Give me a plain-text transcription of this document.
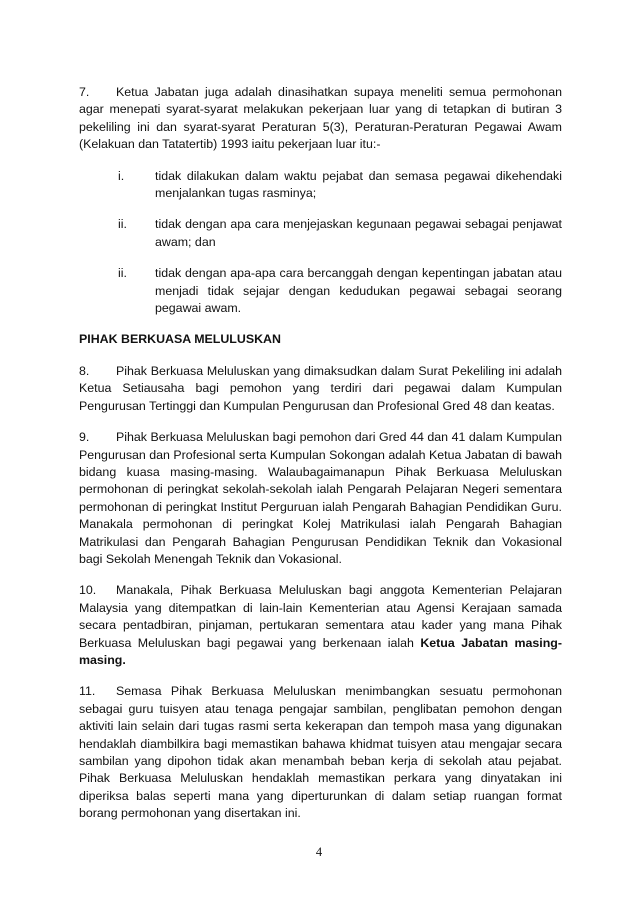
7. Ketua Jabatan juga adalah dinasihatkan supaya meneliti semua permohonan agar menepati syarat-syarat melakukan pekerjaan luar yang di tetapkan di butiran 3 pekeliling ini dan syarat-syarat Peraturan 5(3), Peraturan-Peraturan Pegawai Awam (Kelakuan dan Tatatertib) 1993 iaitu pekerjaan luar itu:-

i.	tidak dilakukan dalam waktu pejabat dan semasa pegawai dikehendaki menjalankan tugas rasminya;
ii.	tidak dengan apa cara menjejaskan kegunaan pegawai sebagai penjawat awam; dan
ii.	tidak dengan apa-apa cara bercanggah dengan kepentingan jabatan atau menjadi tidak sejajar dengan kedudukan pegawai sebagai seorang pegawai awam.

PIHAK BERKUASA MELULUSKAN

8. Pihak Berkuasa Meluluskan yang dimaksudkan dalam Surat Pekeliling ini adalah Ketua Setiausaha bagi pemohon yang terdiri dari pegawai dalam Kumpulan Pengurusan Tertinggi dan Kumpulan Pengurusan dan Profesional Gred 48 dan keatas.

9. Pihak Berkuasa Meluluskan bagi pemohon dari Gred 44 dan 41 dalam Kumpulan Pengurusan dan Profesional serta Kumpulan Sokongan adalah Ketua Jabatan di bawah bidang kuasa masing-masing. Walaubagaimanapun Pihak Berkuasa Meluluskan permohonan di peringkat sekolah-sekolah ialah Pengarah Pelajaran Negeri sementara permohonan di peringkat Institut Perguruan ialah Pengarah Bahagian Pendidikan Guru. Manakala permohonan di peringkat Kolej Matrikulasi ialah Pengarah Bahagian Matrikulasi dan Pengarah Bahagian Pengurusan Pendidikan Teknik dan Vokasional bagi Sekolah Menengah Teknik dan Vokasional.

10. Manakala, Pihak Berkuasa Meluluskan bagi anggota Kementerian Pelajaran Malaysia yang ditempatkan di lain-lain Kementerian atau Agensi Kerajaan samada secara pentadbiran, pinjaman, pertukaran sementara atau kader yang mana Pihak Berkuasa Meluluskan bagi pegawai yang berkenaan ialah Ketua Jabatan masing-masing.

11. Semasa Pihak Berkuasa Meluluskan menimbangkan sesuatu permohonan sebagai guru tuisyen atau tenaga pengajar sambilan, penglibatan pemohon dengan aktiviti lain selain dari tugas rasmi serta kekerapan dan tempoh masa yang digunakan hendaklah diambilkira bagi memastikan bahawa khidmat tuisyen atau mengajar secara sambilan yang dipohon tidak akan menambah beban kerja di sekolah atau pejabat. Pihak Berkuasa Meluluskan hendaklah memastikan perkara yang dinyatakan ini diperiksa balas seperti mana yang diperturunkan di dalam setiap ruangan format borang permohonan yang disertakan ini.

4
